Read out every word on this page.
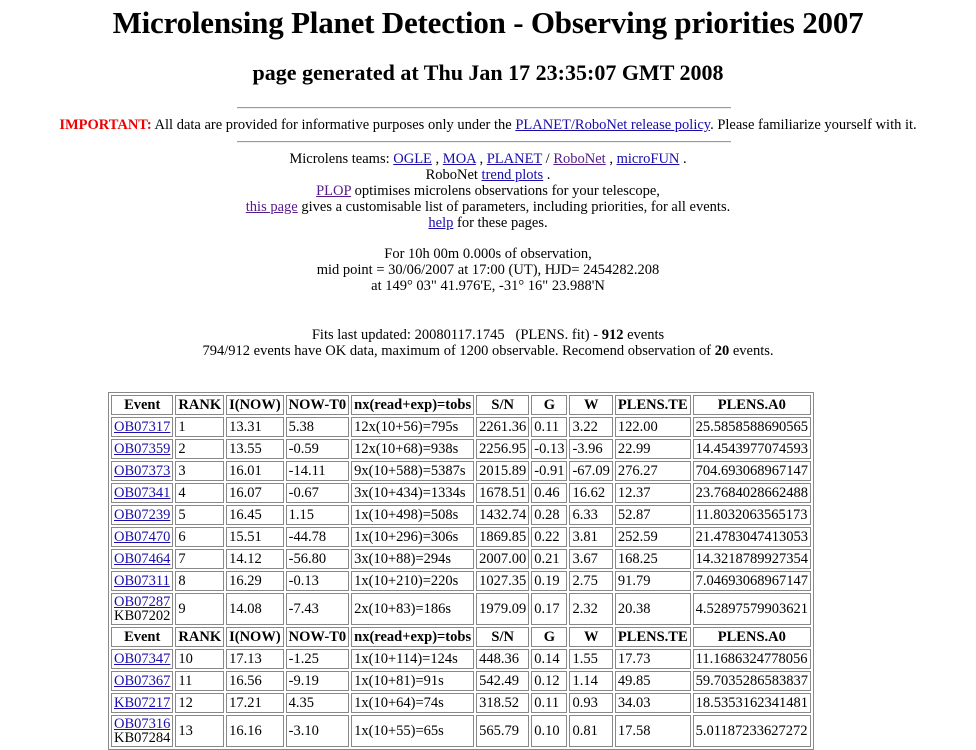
Microlensing Planet Detection - Observing priorities 2007
page generated at Thu Jan 17 23:35:07 GMT 2008
IMPORTANT: All data are provided for informative purposes only under the PLANET/RoboNet release policy. Please familiarize yourself with it.
Microlens teams: OGLE , MOA , PLANET / RoboNet , microFUN .
RoboNet trend plots .
PLOP optimises microlens observations for your telescope,
this page gives a customisable list of parameters, including priorities, for all events.
help for these pages.
For 10h 00m 0.000s of observation,
mid point = 30/06/2007 at 17:00 (UT), HJD= 2454282.208
at 149° 03" 41.976'E, -31° 16" 23.988'N
Fits last updated: 20080117.1745   (PLENS. fit) - 912 events
794/912 events have OK data, maximum of 1200 observable. Recomend observation of 20 events.
Event	RANK	I(NOW)	NOW-T0	nx(read+exp)=tobs	S/N	G	W	PLENS.TE	PLENS.A0
OB07317	1	13.31	5.38	12x(10+56)=795s	2261.36	0.11	3.22	122.00	25.5858588690565
OB07359	2	13.55	-0.59	12x(10+68)=938s	2256.95	-0.13	-3.96	22.99	14.4543977074593
OB07373	3	16.01	-14.11	9x(10+588)=5387s	2015.89	-0.91	-67.09	276.27	704.693068967147
OB07341	4	16.07	-0.67	3x(10+434)=1334s	1678.51	0.46	16.62	12.37	23.7684028662488
OB07239	5	16.45	1.15	1x(10+498)=508s	1432.74	0.28	6.33	52.87	11.8032063565173
OB07470	6	15.51	-44.78	1x(10+296)=306s	1869.85	0.22	3.81	252.59	21.4783047413053
OB07464	7	14.12	-56.80	3x(10+88)=294s	2007.00	0.21	3.67	168.25	14.3218789927354
OB07311	8	16.29	-0.13	1x(10+210)=220s	1027.35	0.19	2.75	91.79	7.04693068967147
OB07287
KB07202	9	14.08	-7.43	2x(10+83)=186s	1979.09	0.17	2.32	20.38	4.52897579903621
Event	RANK	I(NOW)	NOW-T0	nx(read+exp)=tobs	S/N	G	W	PLENS.TE	PLENS.A0
OB07347	10	17.13	-1.25	1x(10+114)=124s	448.36	0.14	1.55	17.73	11.1686324778056
OB07367	11	16.56	-9.19	1x(10+81)=91s	542.49	0.12	1.14	49.85	59.7035286583837
KB07217	12	17.21	4.35	1x(10+64)=74s	318.52	0.11	0.93	34.03	18.5353162341481
OB07316
KB07284	13	16.16	-3.10	1x(10+55)=65s	565.79	0.10	0.81	17.58	5.01187233627272
